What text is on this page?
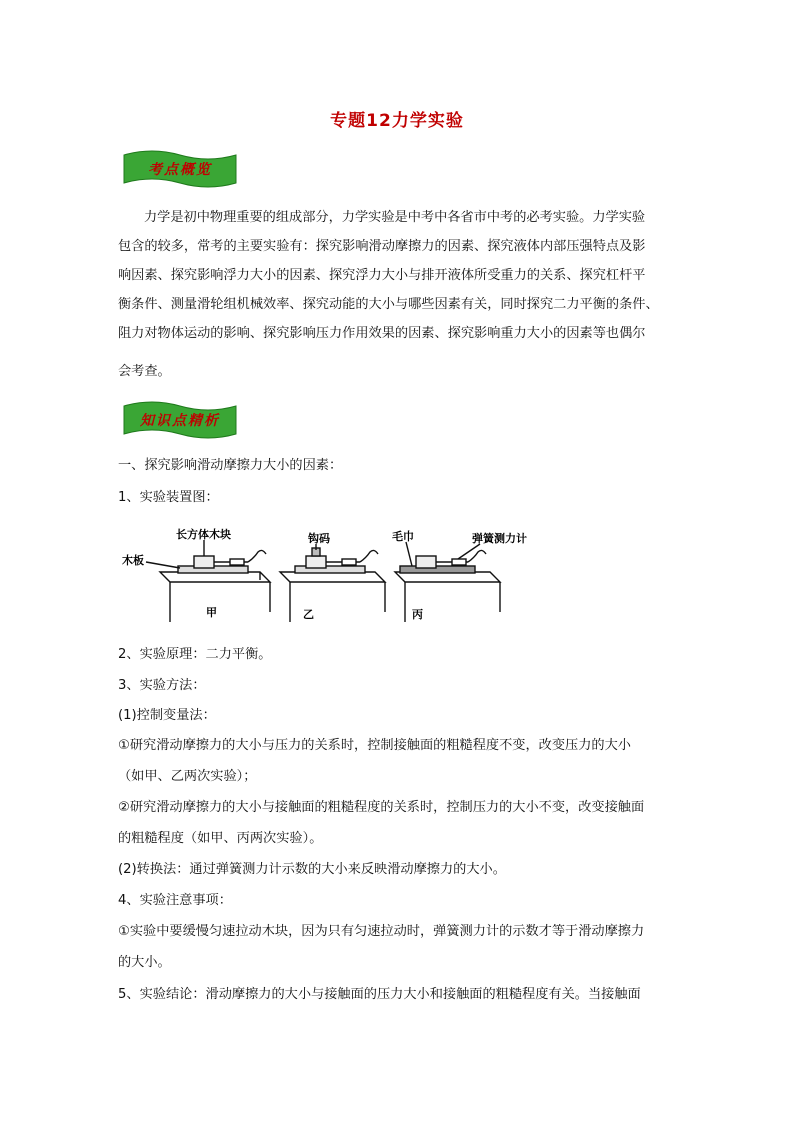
专题12力学实验
考点概览
力学是初中物理重要的组成部分，力学实验是中考中各省市中考的必考实验。力学实验
包含的较多，常考的主要实验有：探究影响滑动摩擦力的因素、探究液体内部压强特点及影
响因素、探究影响浮力大小的因素、探究浮力大小与排开液体所受重力的关系、探究杠杆平
衡条件、测量滑轮组机械效率、探究动能的大小与哪些因素有关，同时探究二力平衡的条件、
阻力对物体运动的影响、探究影响压力作用效果的因素、探究影响重力大小的因素等也偶尔
会考查。
知识点精析
一、探究影响滑动摩擦力大小的因素：
1、实验装置图：
木板
长方体木块	钩码	毛巾	弹簧测力计
甲	乙	丙
2、实验原理：二力平衡。
3、实验方法：
(1)控制变量法：
①研究滑动摩擦力的大小与压力的关系时，控制接触面的粗糙程度不变，改变压力的大小
（如甲、乙两次实验）；
②研究滑动摩擦力的大小与接触面的粗糙程度的关系时，控制压力的大小不变，改变接触面
的粗糙程度（如甲、丙两次实验）。
(2)转换法：通过弹簧测力计示数的大小来反映滑动摩擦力的大小。
4、实验注意事项：
①实验中要缓慢匀速拉动木块，因为只有匀速拉动时，弹簧测力计的示数才等于滑动摩擦力
的大小。
5、实验结论：滑动摩擦力的大小与接触面的压力大小和接触面的粗糙程度有关。当接触面
